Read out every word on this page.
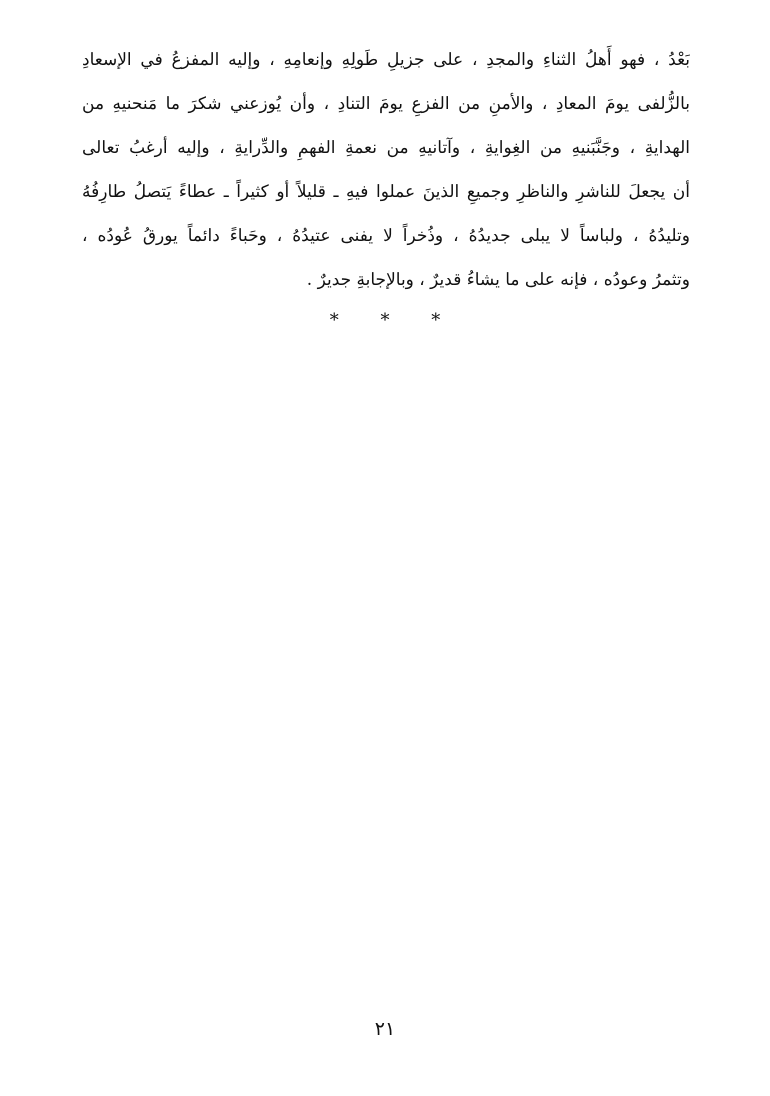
بَعْدُ ، فهو أَهلُ الثناءِ والمجدِ ، على جزيلِ طَولِهِ وإنعامِهِ ، وإليه المفزعُ في الإسعادِ
بالزُّلفى يومَ المعادِ ، والأمنِ من الفزعِ يومَ التنادِ ، وأن يُوزعني شكرَ ما مَنحنيهِ من
الهدايةِ ، وجَنَّبَنيهِ من الغِوايةِ ، وآتانيهِ من نعمةِ الفهمِ والدِّرايةِ ، وإليه أرغبُ تعالى
أن يجعلَ للناشرِ والناظرِ وجميعِ الذينَ عملوا فيهِ ـ قليلاً أو كثيراً ـ عطاءً يَتصلُ طارِفُهُ
وتليدُهُ ، ولباساً لا يبلى جديدُهُ ، وذُخراً لا يفنى عتيدُهُ ، وحَباءً دائماً يورقُ عُودُه ،
وتثمرُ وعودُه ، فإنه على ما يشاءُ قديرٌ ، وبالإجابةِ جديرٌ .
* * *
٢١
